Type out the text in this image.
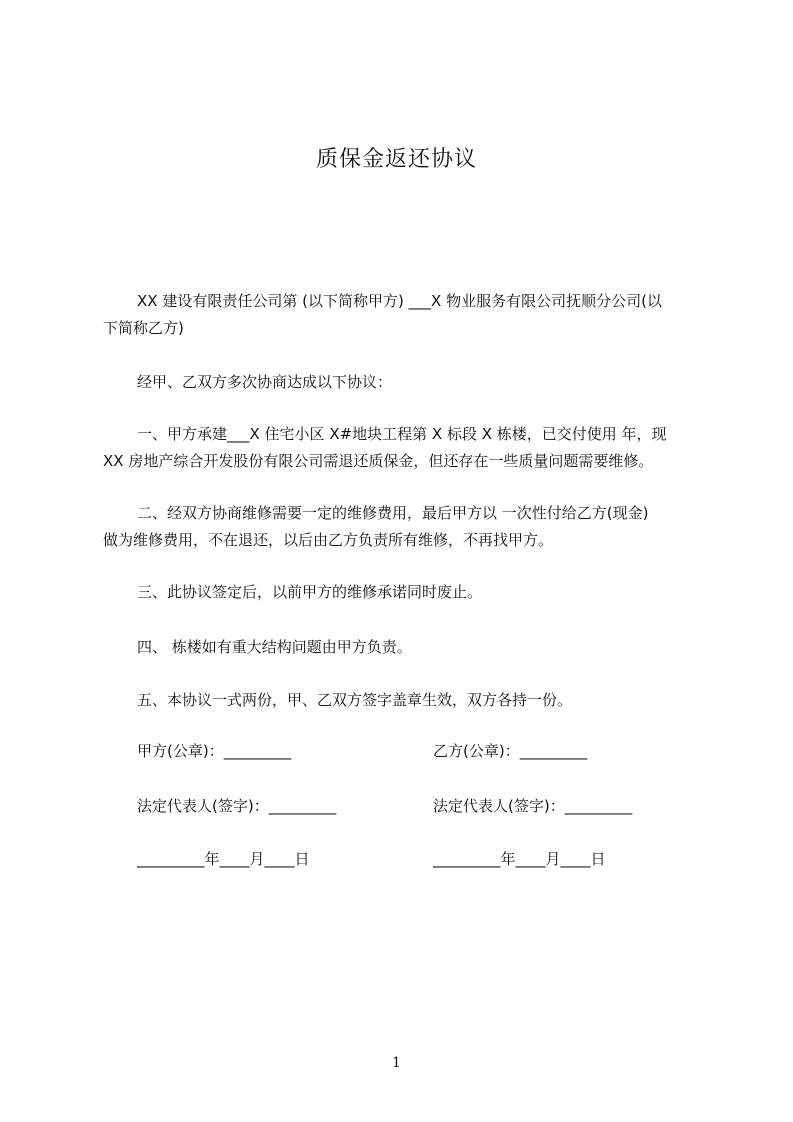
质保金返还协议
XX 建设有限责任公司第 (以下简称甲方) ___X 物业服务有限公司抚顺分公司(以
下简称乙方)
经甲、乙双方多次协商达成以下协议：
一、甲方承建___X 住宅小区 X#地块工程第 X 标段 X 栋楼，已交付使用 年，现
XX 房地产综合开发股份有限公司需退还质保金，但还存在一些质量问题需要维修。
二、经双方协商维修需要一定的维修费用，最后甲方以 一次性付给乙方(现金)
做为维修费用，不在退还，以后由乙方负责所有维修，不再找甲方。
三、此协议签定后，以前甲方的维修承诺同时废止。
四、 栋楼如有重大结构问题由甲方负责。
五、本协议一式两份，甲、乙双方签字盖章生效，双方各持一份。
甲方(公章)：_________	乙方(公章)：_________
法定代表人(签字)：_________	法定代表人(签字)：_________
_________年____月____日	_________年____月____日
1
